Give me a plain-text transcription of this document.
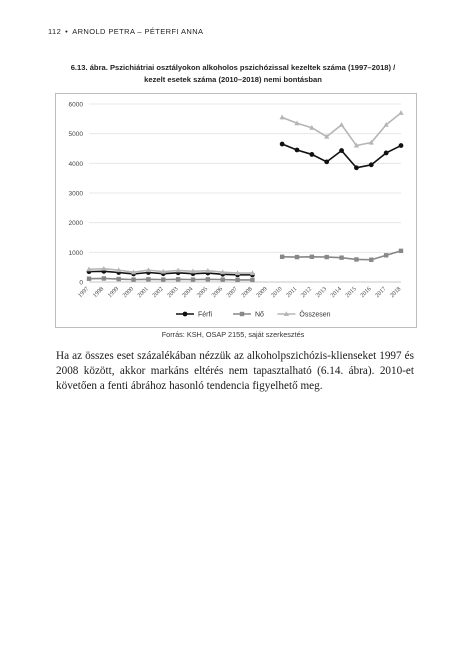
112 • ARNOLD PETRA – PÉTERFI ANNA
6.13. ábra. Pszichiátriai osztályokon alkoholos pszichózissal kezeltek száma (1997–2018) /
kezelt esetek száma (2010–2018) nemi bontásban
0
1000
2000
3000
4000
5000
6000
1997 1998 1999 2000 2001 2002 2003 2004 2005 2006 2007 2008 2009 2010 2011 2012 2013 2014 2015 2016 2017 2018
Férfi	Nő	Összesen
Forrás: KSH, OSAP 2155, saját szerkesztés

Ha az összes eset százalékában nézzük az alkoholpszichózis-klienseket 1997 és 2008 között, akkor markáns eltérés nem tapasztalható (6.14. ábra). 2010-et követően a fenti ábrához hasonló tendencia figyelhető meg.
